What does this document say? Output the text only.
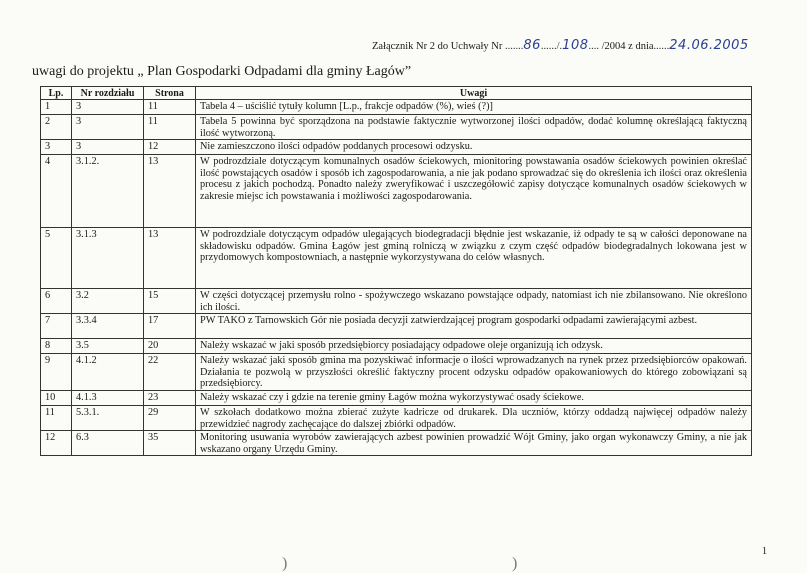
Załącznik Nr 2 do Uchwały Nr .......86....../.108.... /2004 z dnia......24.06.2005
uwagi do projektu „ Plan Gospodarki Odpadami dla gminy Łagów”
Lp.	Nr rozdziału	Strona	Uwagi
1	3	11	Tabela 4 – uściślić tytuły kolumn [L.p., frakcje odpadów (%), wieś (?)]
2	3	11	Tabela 5 powinna być sporządzona na podstawie faktycznie wytworzonej ilości odpadów, dodać kolumnę określającą faktyczną ilość wytworzoną.
3	3	12	Nie zamieszczono ilości odpadów poddanych procesowi odzysku.
4	3.1.2.	13	W podrozdziale dotyczącym komunalnych osadów ściekowych, mionitoring powstawania osadów ściekowych powinien określać ilość powstających osadów i sposób ich zagospodarowania, a nie jak podano sprowadzać się do określenia ich ilości oraz określenia procesu z jakich pochodzą. Ponadto należy zweryfikować i uszczegółowić zapisy dotyczące komunalnych osadów ściekowych w zakresie miejsc ich powstawania i możliwości zagospodarowania.
5	3.1.3	13	W podrozdziale dotyczącym odpadów ulegających biodegradacji błędnie jest wskazanie, iż odpady te są w całości deponowane na składowisku odpadów. Gmina Łagów jest gminą rolniczą w związku z czym część odpadów biodegradalnych lokowana jest w przydomowych kompostowniach, a następnie wykorzystywana do celów własnych.
6	3.2	15	W części dotyczącej przemysłu rolno - spożywczego wskazano powstające odpady, natomiast ich nie zbilansowano. Nie określono ich ilości.
7	3.3.4	17	PW TAKO z Tarnowskich Gór nie posiada decyzji zatwierdzającej program gospodarki odpadami zawierającymi azbest.
8	3.5	20	Należy wskazać w jaki sposób przedsiębiorcy posiadający odpadowe oleje organizują ich odzysk.
9	4.1.2	22	Należy wskazać jaki sposób gmina ma pozyskiwać informacje o ilości wprowadzanych na rynek przez przedsiębiorców opakowań. Działania te pozwolą w przyszłości określić faktyczny procent odzysku odpadów opakowaniowych do którego zobowiązani są przedsiębiorcy.
10	4.1.3	23	Należy wskazać czy i gdzie na terenie gminy Łagów można wykorzystywać osady ściekowe.
11	5.3.1.	29	W szkołach dodatkowo można zbierać zużyte kadricze od drukarek. Dla uczniów, którzy oddadzą najwięcej odpadów należy przewidzieć nagrody zachęcające do dalszej zbiórki odpadów.
12	6.3	35	Monitoring usuwania wyrobów zawierających azbest powinien prowadzić Wójt Gminy, jako organ wykonawczy Gminy, a nie jak wskazano organy Urzędu Gminy.
1
)	)
